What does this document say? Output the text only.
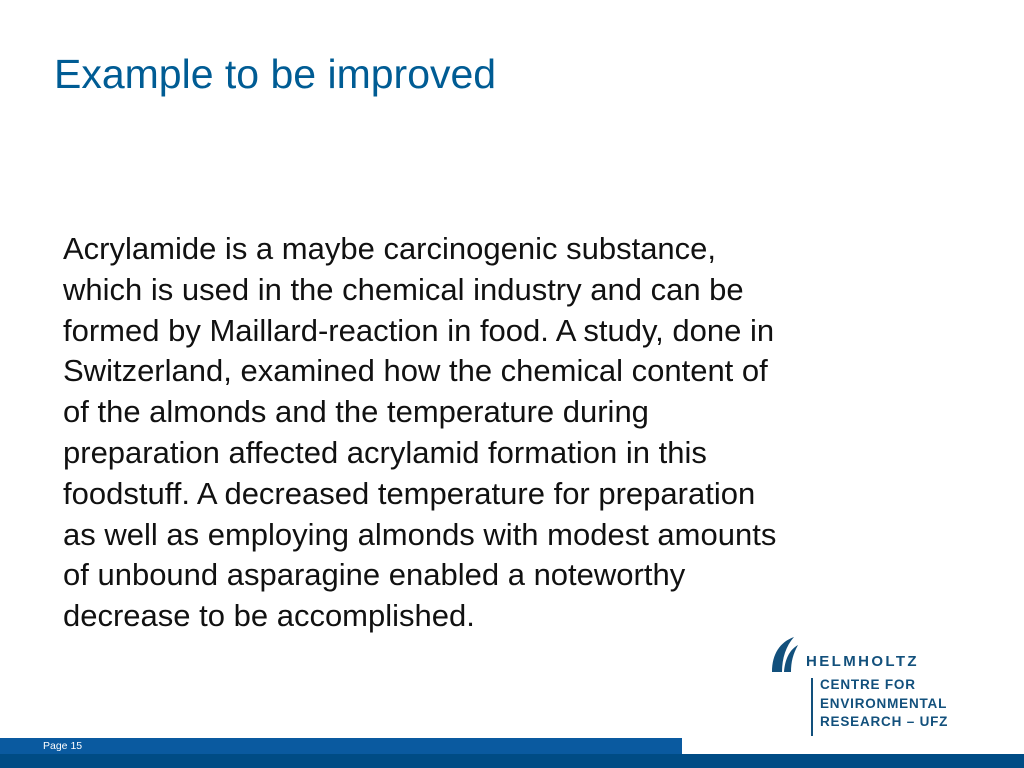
Example to be improved
Acrylamide is a maybe carcinogenic substance,
which is used in the chemical industry and can be
formed by Maillard-reaction in food. A study, done in
Switzerland, examined how the chemical content of
of the almonds and the temperature during
preparation affected acrylamid formation in this
foodstuff. A decreased temperature for preparation
as well as employing almonds with modest amounts
of unbound asparagine enabled a noteworthy
decrease to be accomplished.
HELMHOLTZ
CENTRE FOR
ENVIRONMENTAL
RESEARCH – UFZ
Page 15
